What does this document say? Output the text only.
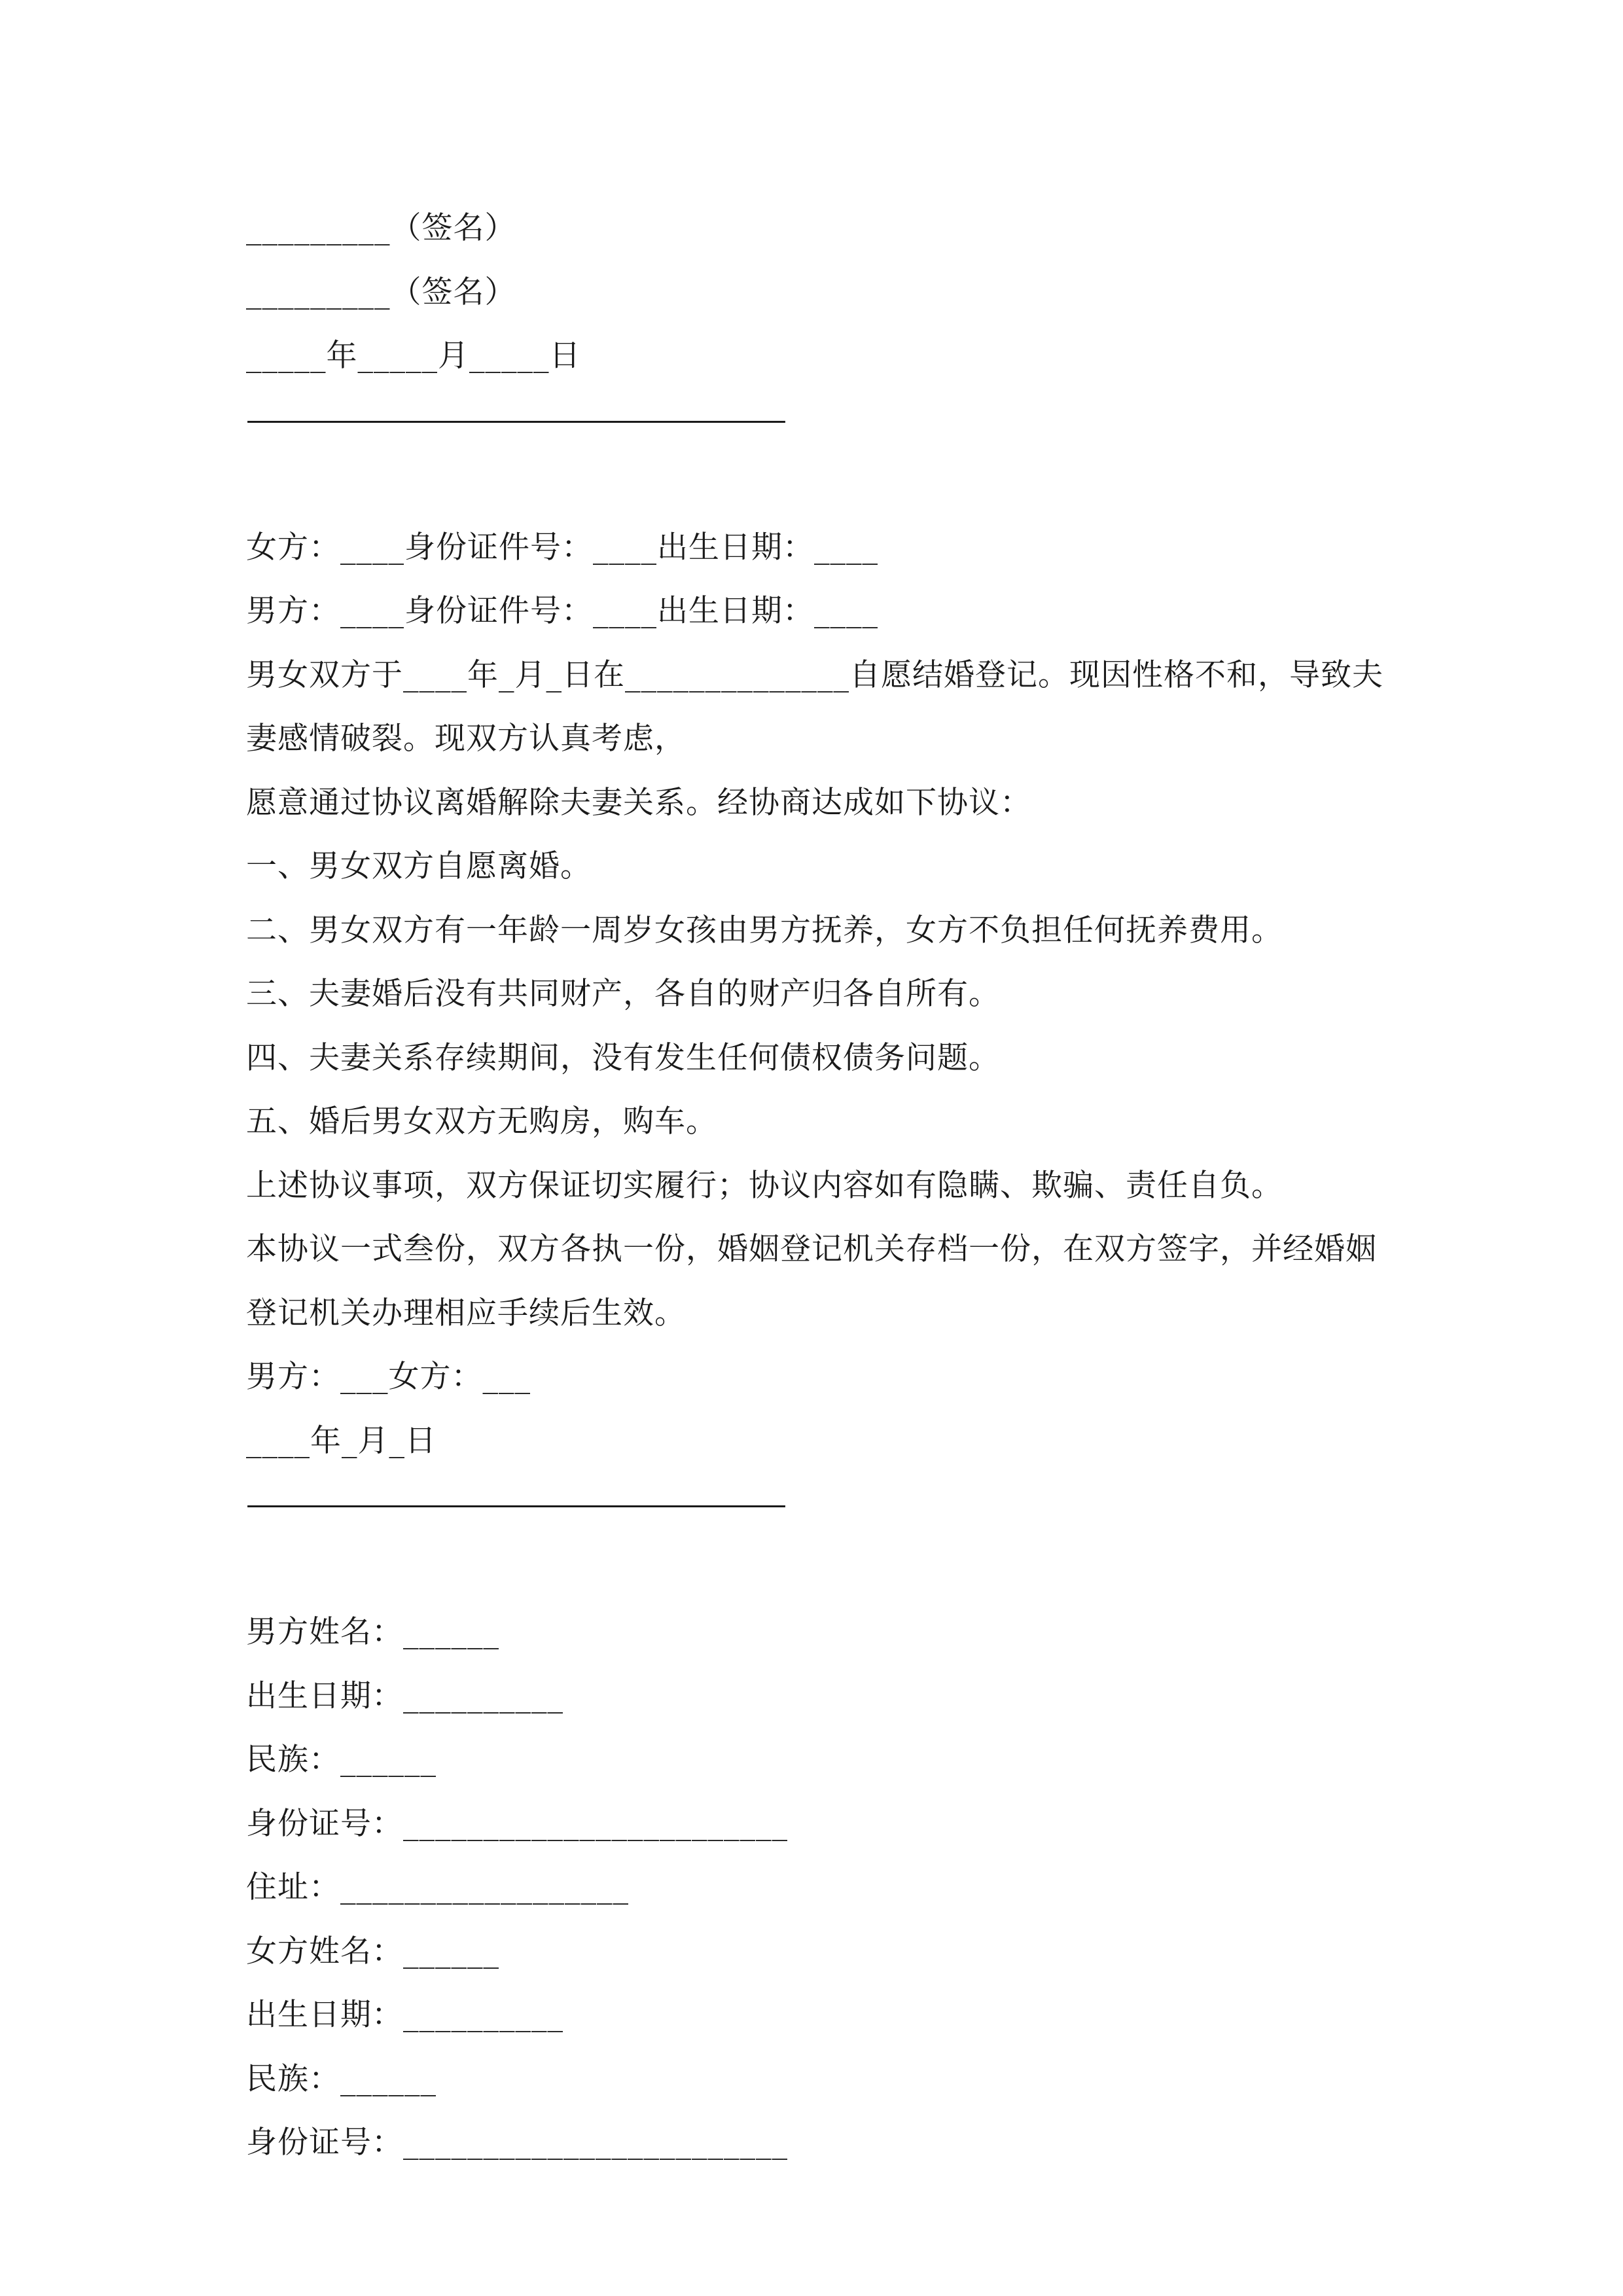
_________（签名）
_________（签名）
_____年_____月_____日
————————————————————
女方：____身份证件号：____出生日期：____
男方：____身份证件号：____出生日期：____
男女双方于____年_月_日在______________自愿结婚登记。现因性格不和，导致夫妻感情破裂。现双方认真考虑，
愿意通过协议离婚解除夫妻关系。经协商达成如下协议：
一、男女双方自愿离婚。
二、男女双方有一年龄一周岁女孩由男方抚养，女方不负担任何抚养费用。
三、夫妻婚后没有共同财产，各自的财产归各自所有。
四、夫妻关系存续期间，没有发生任何债权债务问题。
五、婚后男女双方无购房，购车。
上述协议事项，双方保证切实履行；协议内容如有隐瞒、欺骗、责任自负。
本协议一式叁份，双方各执一份，婚姻登记机关存档一份，在双方签字，并经婚姻登记机关办理相应手续后生效。
男方：___女方：___
____年_月_日
————————————————————
男方姓名：______
出生日期：__________
民族：______
身份证号：________________________
住址：__________________
女方姓名：______
出生日期：__________
民族：______
身份证号：________________________
